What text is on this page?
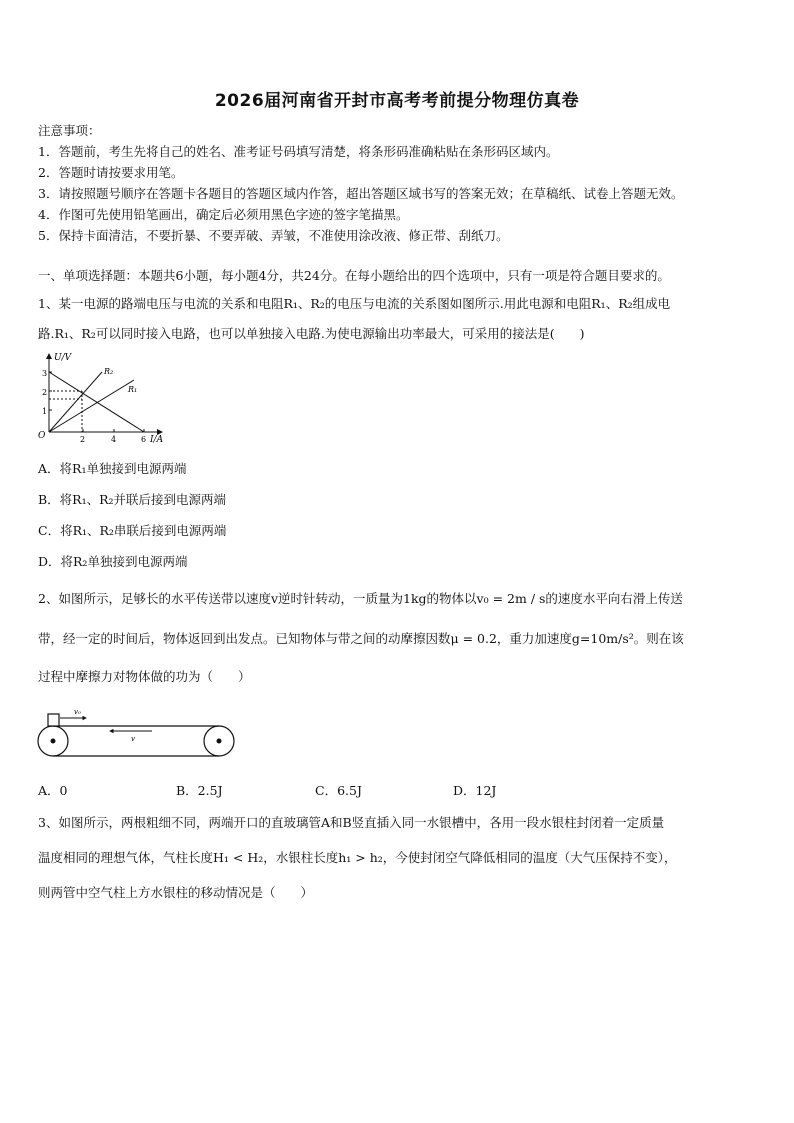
2026届河南省开封市高考考前提分物理仿真卷
注意事项：
1．答题前，考生先将自己的姓名、准考证号码填写清楚，将条形码准确粘贴在条形码区域内。
2．答题时请按要求用笔。
3．请按照题号顺序在答题卡各题目的答题区域内作答，超出答题区域书写的答案无效；在草稿纸、试卷上答题无效。
4．作图可先使用铅笔画出，确定后必须用黑色字迹的签字笔描黑。
5．保持卡面清洁，不要折暴、不要弄破、弄皱，不准使用涂改液、修正带、刮纸刀。
一、单项选择题：本题共6小题，每小题4分，共24分。在每小题给出的四个选项中，只有一项是符合题目要求的。
1、某一电源的路端电压与电流的关系和电阻R₁、R₂的电压与电流的关系图如图所示.用此电源和电阻R₁、R₂组成电
路.R₁、R₂可以同时接入电路，也可以单独接入电路.为使电源输出功率最大，可采用的接法是(　　)
U/V
I/A
O
1
2
3
2	4	6
R₂
R₁
A．将R₁单独接到电源两端
B．将R₁、R₂并联后接到电源两端
C．将R₁、R₂串联后接到电源两端
D．将R₂单独接到电源两端
2、如图所示，足够长的水平传送带以速度v逆时针转动，一质量为1kg的物体以v₀ = 2m / s的速度水平向右滑上传送
带，经一定的时间后，物体返回到出发点。已知物体与带之间的动摩擦因数μ = 0.2，重力加速度g=10m/s²。则在该
过程中摩擦力对物体做的功为（　　）
v₀
v
A．0	B．2.5J	C．6.5J	D．12J
3、如图所示，两根粗细不同，两端开口的直玻璃管A和B竖直插入同一水银槽中，各用一段水银柱封闭着一定质量
温度相同的理想气体，气柱长度H₁ < H₂，水银柱长度h₁ > h₂，今使封闭空气降低相同的温度（大气压保持不变），
则两管中空气柱上方水银柱的移动情况是（　　）
